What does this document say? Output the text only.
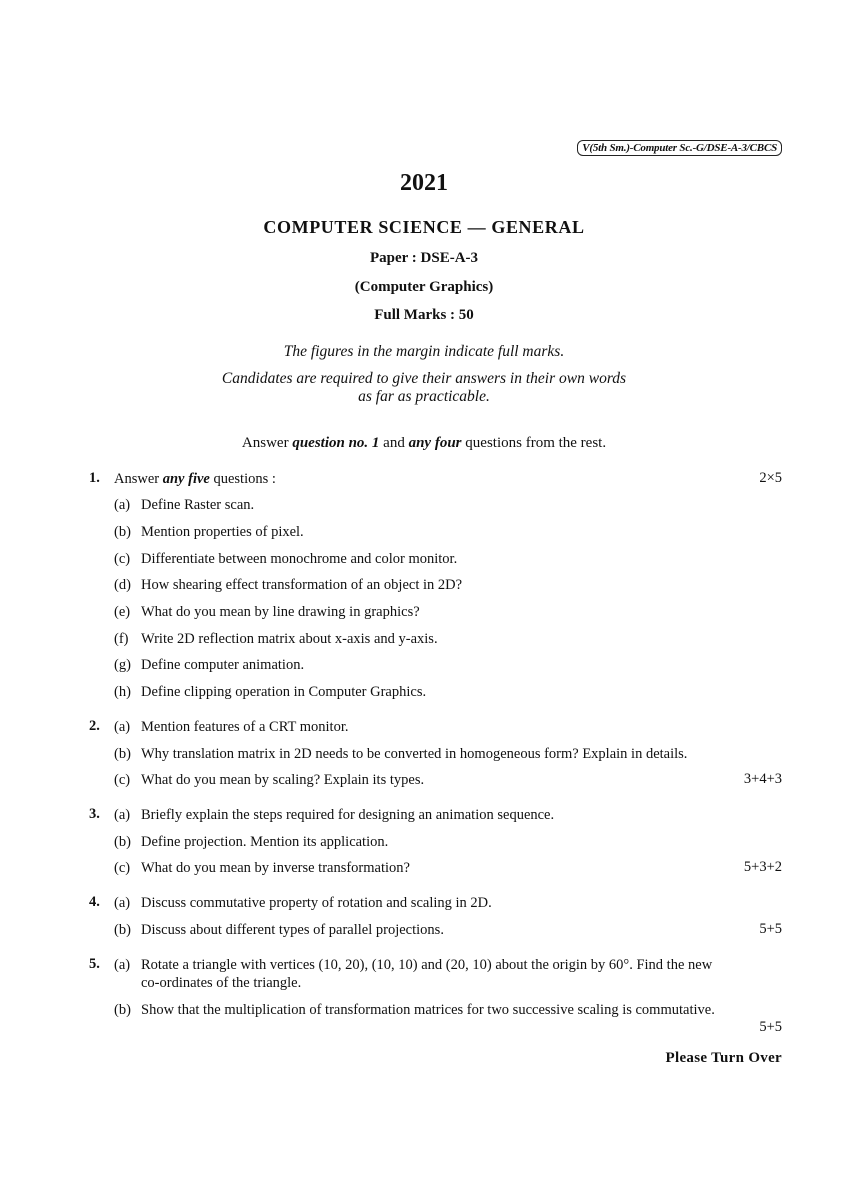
V(5th Sm.)-Computer Sc.-G/DSE-A-3/CBCS
2021
COMPUTER SCIENCE — GENERAL
Paper : DSE-A-3
(Computer Graphics)
Full Marks : 50
The figures in the margin indicate full marks.
Candidates are required to give their answers in their own words
as far as practicable.
Answer question no. 1 and any four questions from the rest.
1. Answer any five questions :	2×5
(a) Define Raster scan.
(b) Mention properties of pixel.
(c) Differentiate between monochrome and color monitor.
(d) How shearing effect transformation of an object in 2D?
(e) What do you mean by line drawing in graphics?
(f) Write 2D reflection matrix about x-axis and y-axis.
(g) Define computer animation.
(h) Define clipping operation in Computer Graphics.
2. (a) Mention features of a CRT monitor.
(b) Why translation matrix in 2D needs to be converted in homogeneous form? Explain in details.
(c) What do you mean by scaling? Explain its types.	3+4+3
3. (a) Briefly explain the steps required for designing an animation sequence.
(b) Define projection. Mention its application.
(c) What do you mean by inverse transformation?	5+3+2
4. (a) Discuss commutative property of rotation and scaling in 2D.
(b) Discuss about different types of parallel projections.	5+5
5. (a) Rotate a triangle with vertices (10, 20), (10, 10) and (20, 10) about the origin by 60°. Find the new
co-ordinates of the triangle.
(b) Show that the multiplication of transformation matrices for two successive scaling is commutative.
5+5
Please Turn Over
